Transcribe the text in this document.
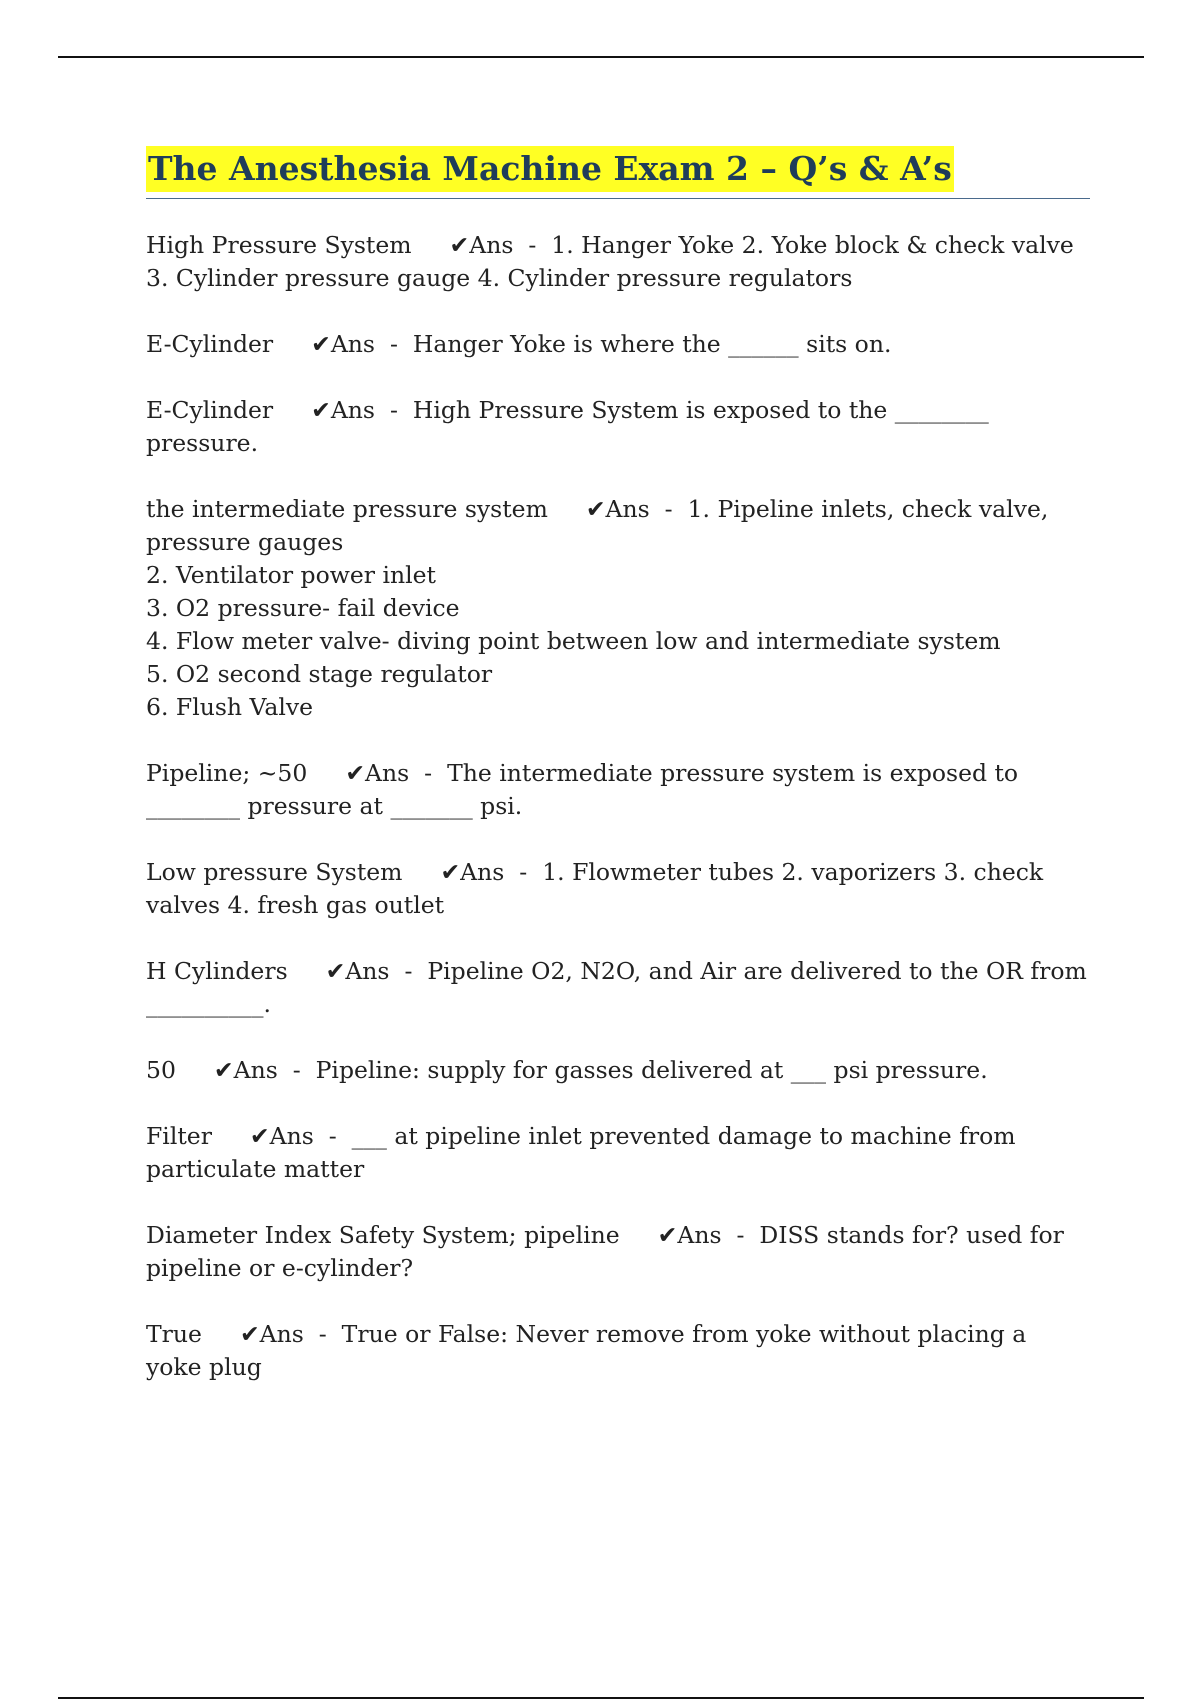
The Anesthesia Machine Exam 2 – Q’s & A’s

High Pressure System ✔Ans - 1. Hanger Yoke 2. Yoke block & check valve
3. Cylinder pressure gauge 4. Cylinder pressure regulators

E-Cylinder ✔Ans - Hanger Yoke is where the ______ sits on.

E-Cylinder ✔Ans - High Pressure System is exposed to the ________
pressure.

the intermediate pressure system ✔Ans - 1. Pipeline inlets, check valve,
pressure gauges
2. Ventilator power inlet
3. O2 pressure- fail device
4. Flow meter valve- diving point between low and intermediate system
5. O2 second stage regulator
6. Flush Valve

Pipeline; ~50 ✔Ans - The intermediate pressure system is exposed to
________ pressure at _______ psi.

Low pressure System ✔Ans - 1. Flowmeter tubes 2. vaporizers 3. check
valves 4. fresh gas outlet

H Cylinders ✔Ans - Pipeline O2, N2O, and Air are delivered to the OR from
__________.

50 ✔Ans - Pipeline: supply for gasses delivered at ___ psi pressure.

Filter ✔Ans - ___ at pipeline inlet prevented damage to machine from
particulate matter

Diameter Index Safety System; pipeline ✔Ans - DISS stands for? used for
pipeline or e-cylinder?

True ✔Ans - True or False: Never remove from yoke without placing a
yoke plug
